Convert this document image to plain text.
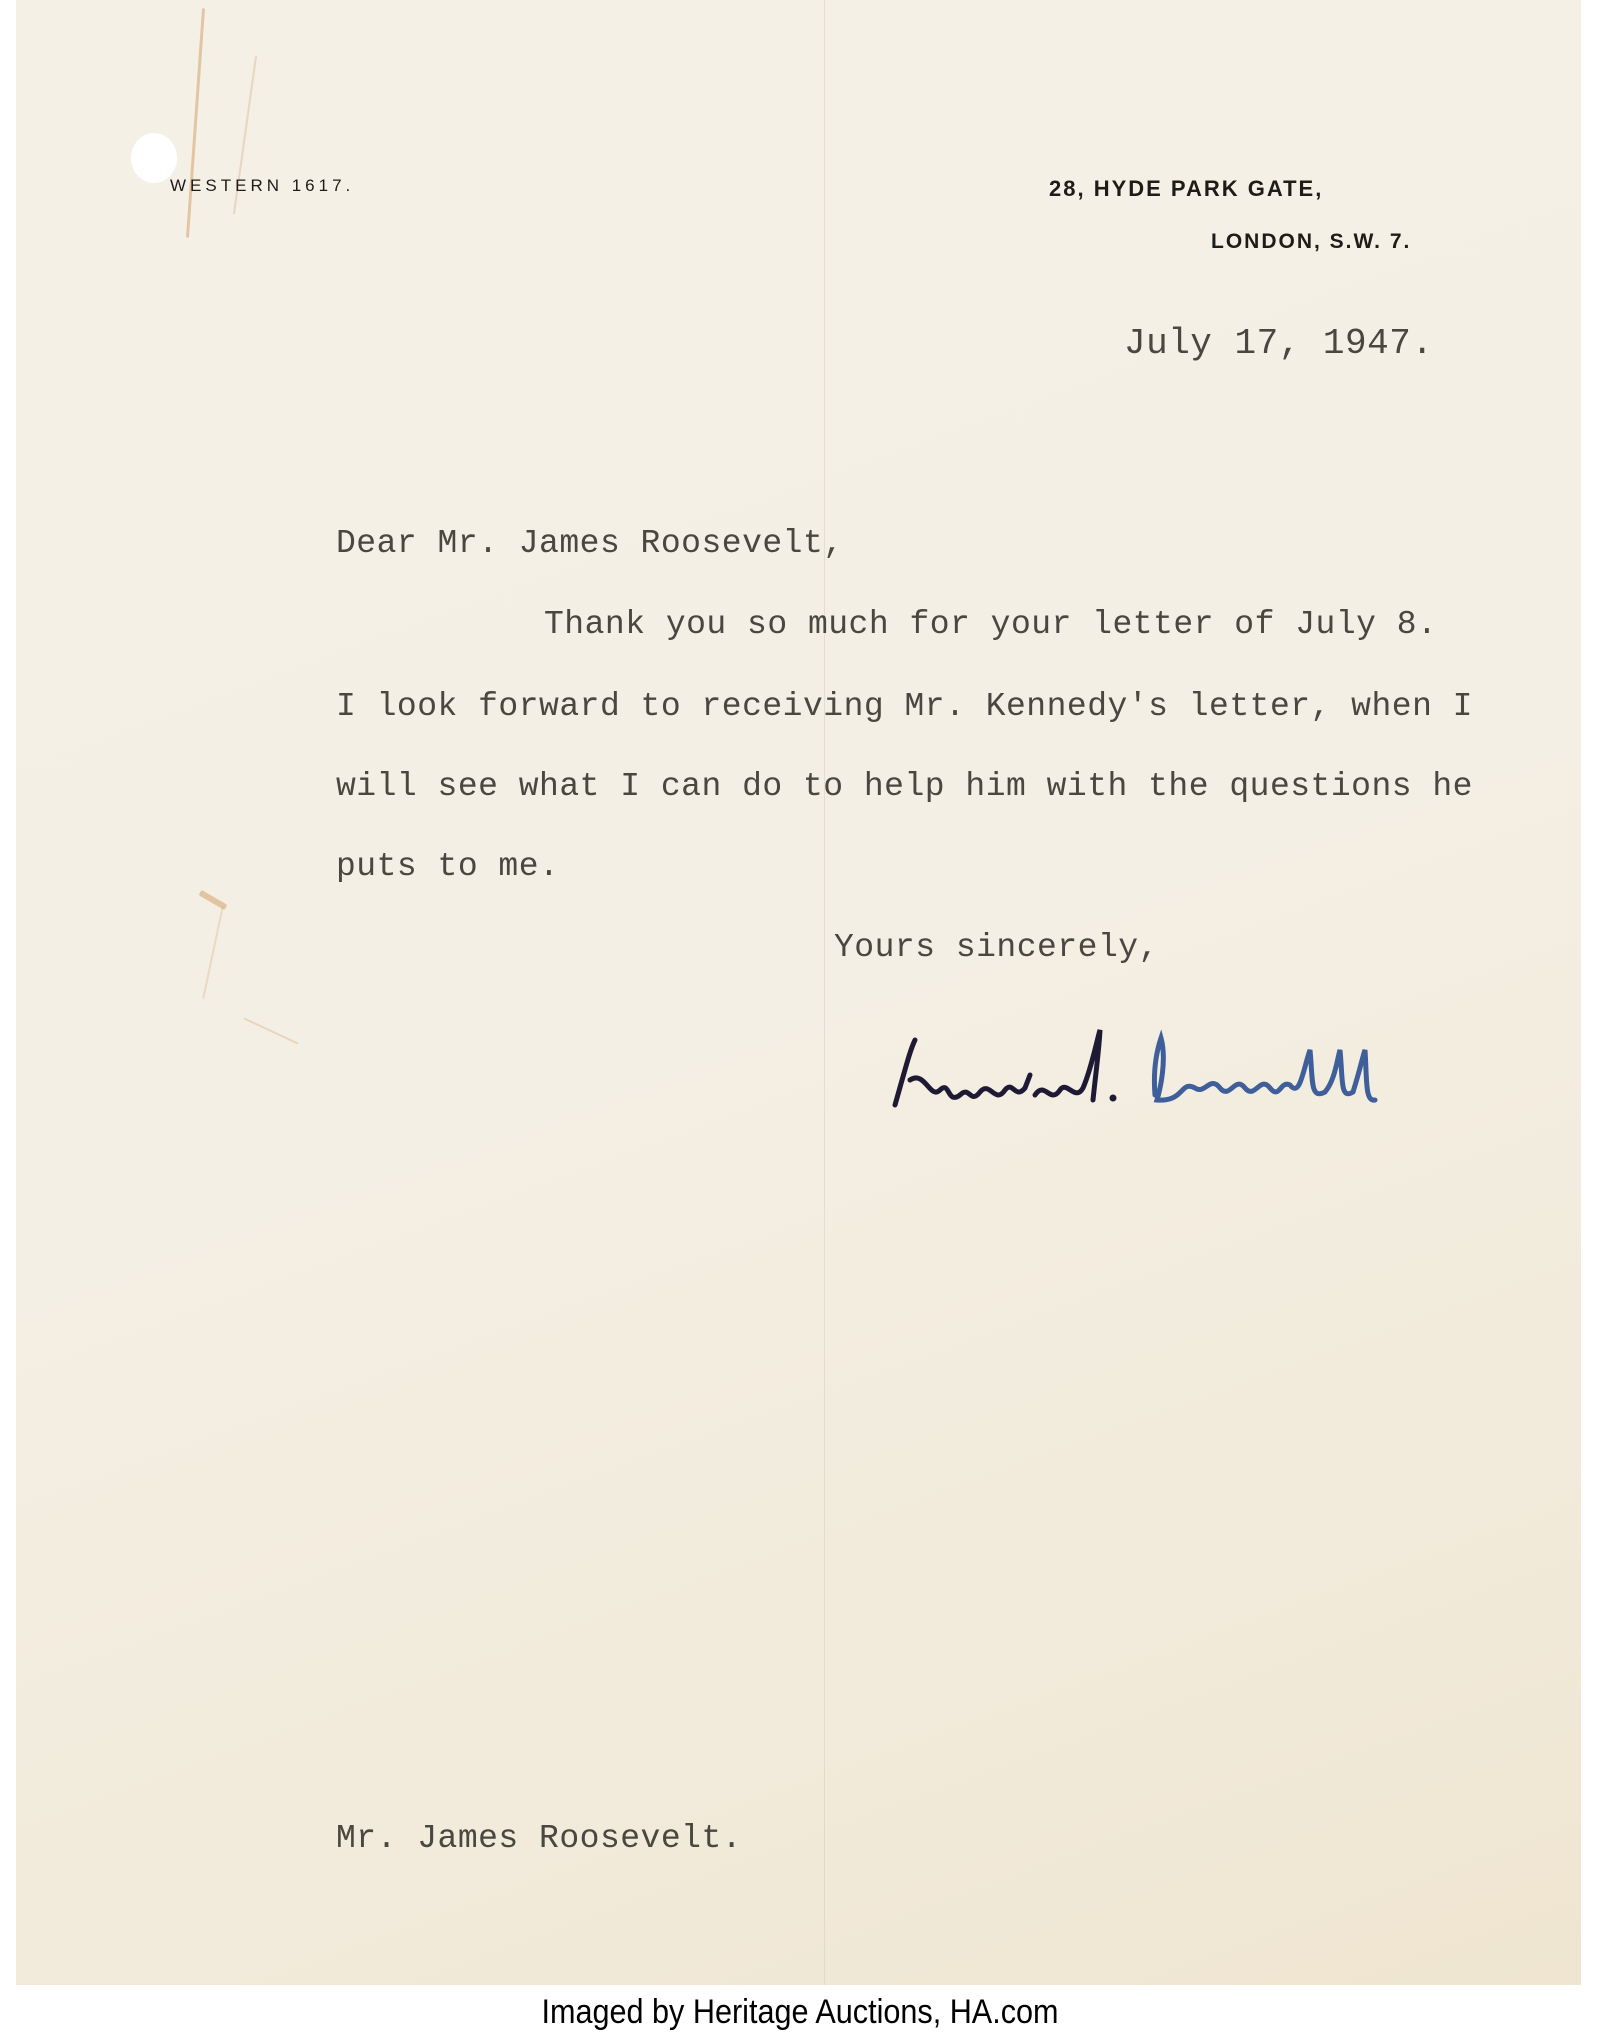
WESTERN 1617.	28, HYDE PARK GATE,
LONDON, S.W. 7.
July 17, 1947.
Dear Mr. James Roosevelt,
Thank you so much for your letter of July 8.
I look forward to receiving Mr. Kennedy's letter, when I
will see what I can do to help him with the questions he
puts to me.
Yours sincerely,
Mr. James Roosevelt.
Imaged by Heritage Auctions, HA.com
